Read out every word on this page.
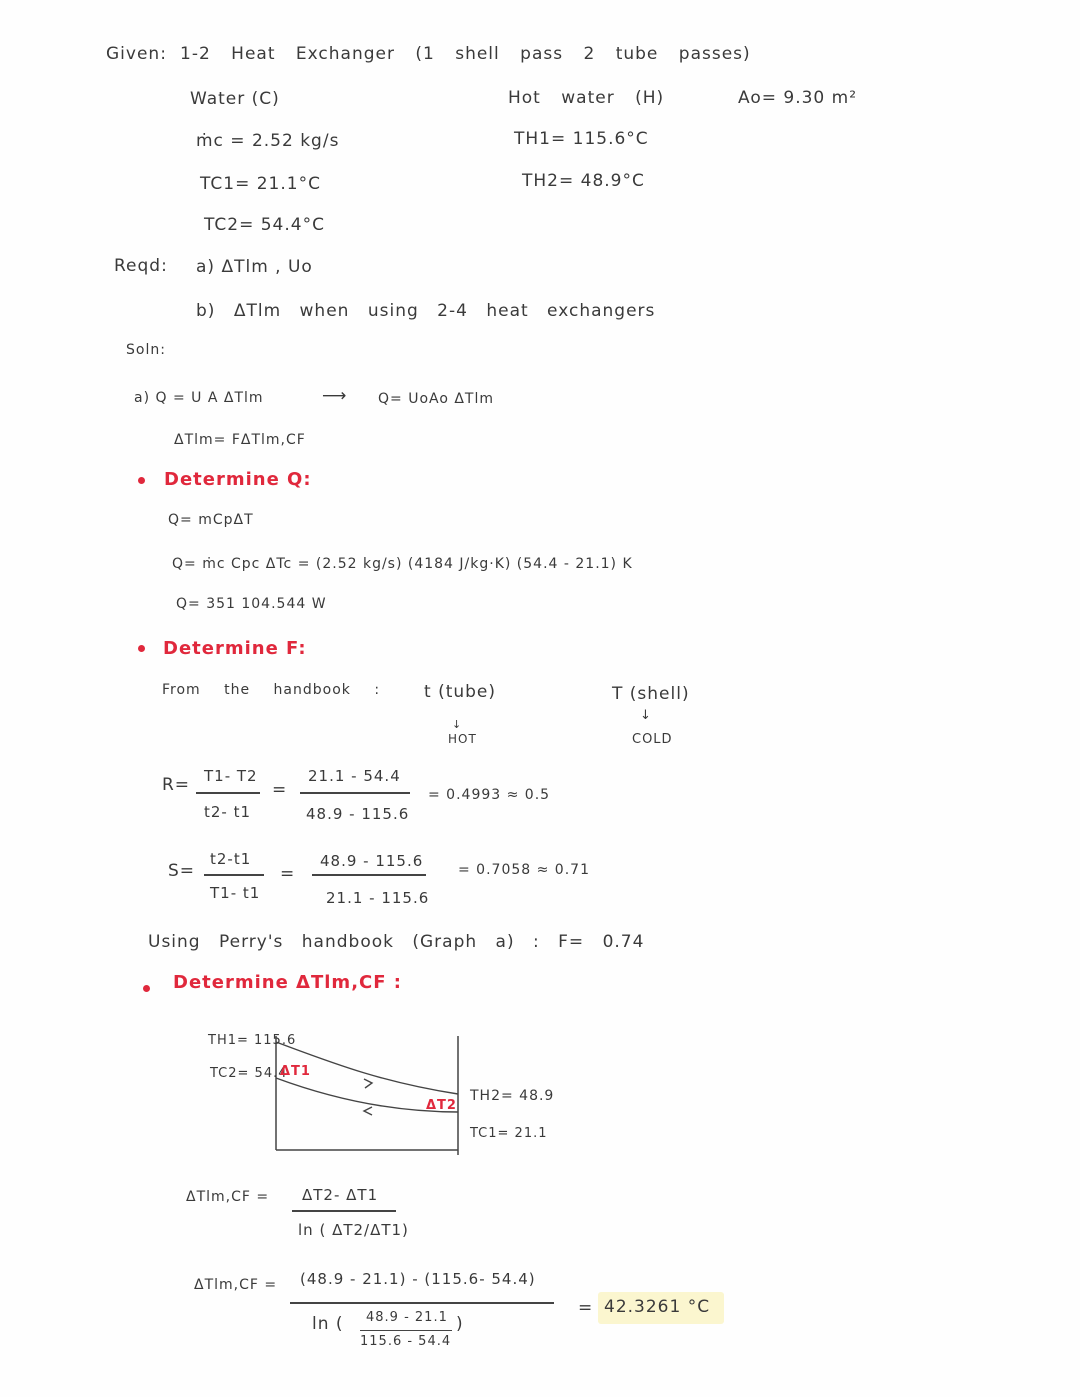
Given: 1-2 Heat Exchanger (1 shell pass 2 tube passes)
Water (C)
ṁc = 2.52 kg/s
TC1= 21.1°C
TC2= 54.4°C
Hot water (H)
TH1= 115.6°C
TH2= 48.9°C
Ao= 9.30 m²
Reqd: a) ΔTlm , Uo
b) ΔTlm when using 2-4 heat exchangers
Soln:
a) Q = U A ΔTlm	⟶ Q= UoAo ΔTlm
ΔTlm= FΔTlm,CF
Determine Q:
Q= mCpΔT
Q= ṁc Cpc ΔTc = (2.52 kg/s) (4184 J/kg·K) (54.4 - 21.1) K
Q= 351 104.544 W
Determine F:
From the handbook :	t (tube)
↓
HOT
T (shell)
↓
COLD
R= T1- T2
t2- t1
=
21.1 - 54.4
48.9 - 115.6
= 0.4993 ≈ 0.5
S=
t2-t1
T1- t1
=
48.9 - 115.6
21.1 - 115.6
= 0.7058 ≈ 0.71
Using Perry's handbook (Graph a) : F= 0.74
Determine ΔTlm,CF :
TH1= 115.6
TC2= 54.4
ΔT1
ΔT2
TH2= 48.9
TC1= 21.1
ΔTlm,CF = ΔT2- ΔT1
ln ( ΔT2/ΔT1)
ΔTlm,CF = (48.9 - 21.1) - (115.6- 54.4)
ln ( 48.9 - 21.1
115.6 - 54.4
)
= 42.3261 °C
